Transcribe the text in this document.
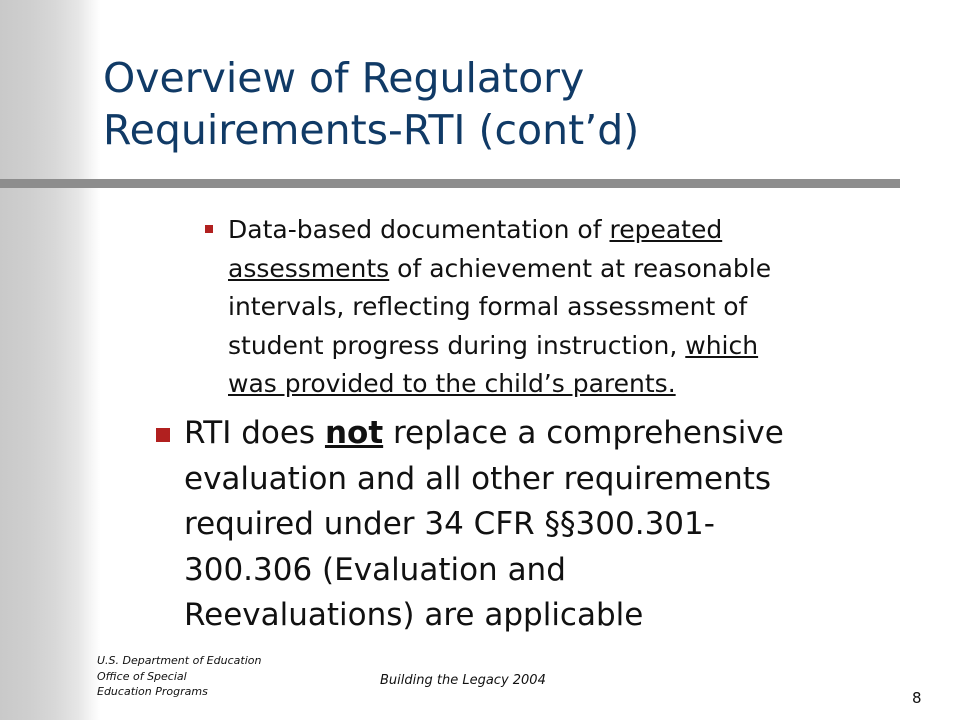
Overview of Regulatory
Requirements-RTI (cont’d)
Data-based documentation of repeated
assessments of achievement at reasonable
intervals, reflecting formal assessment of
student progress during instruction, which
was provided to the child’s parents.
RTI does not replace a comprehensive
evaluation and all other requirements
required under 34 CFR §§300.301-
300.306 (Evaluation and
Reevaluations) are applicable
U.S. Department of Education
Office of Special
Education Programs
Building the Legacy 2004
8
